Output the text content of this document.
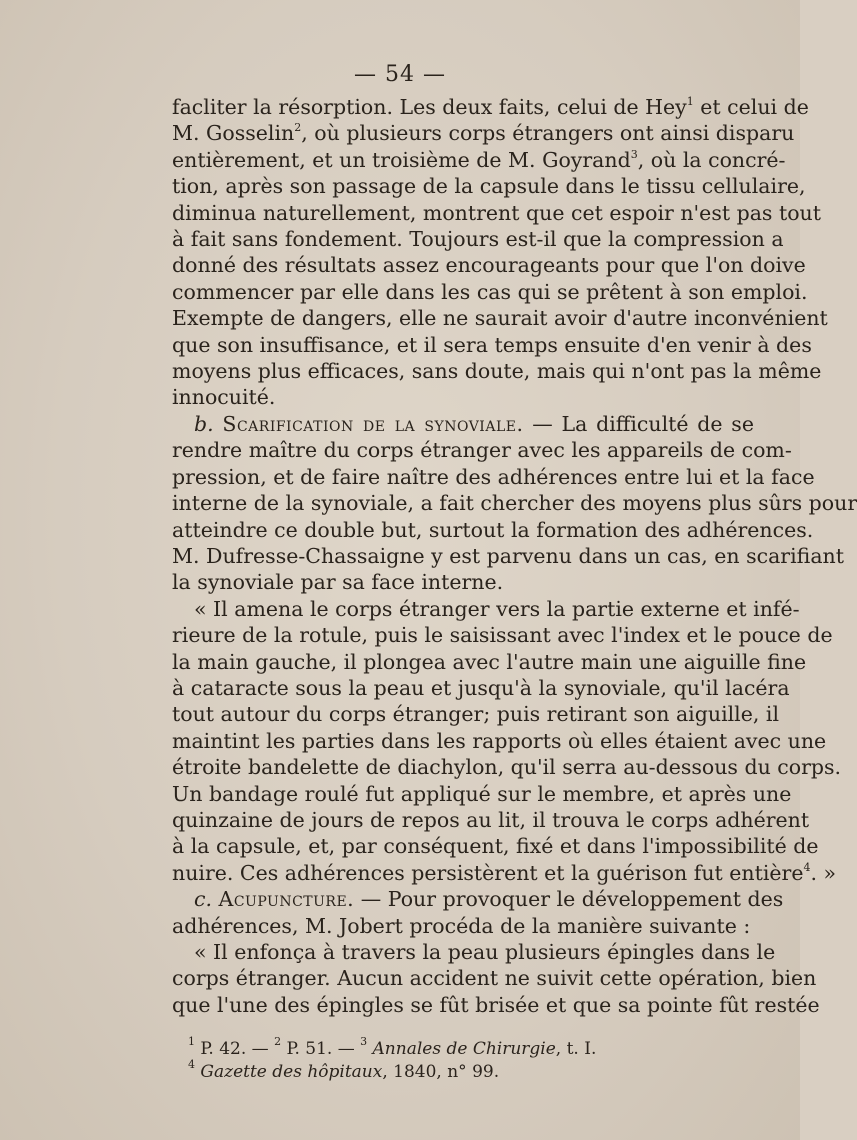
— 54 —
facliter la résorption. Les deux faits, celui de Hey$^1$ et celui de
M. Gosselin$^2$, où plusieurs corps étrangers ont ainsi disparu
entièrement, et un troisième de M. Goyrand$^3$, où la concré-
tion, après son passage de la capsule dans le tissu cellulaire,
diminua naturellement, montrent que cet espoir n'est pas tout
à fait sans fondement. Toujours est-il que la compression a
donné des résultats assez encourageants pour que l'on doive
commencer par elle dans les cas qui se prêtent à son emploi.
Exempte de dangers, elle ne saurait avoir d'autre inconvénient
que son insuffisance, et il sera temps ensuite d'en venir à des
moyens plus efficaces, sans doute, mais qui n'ont pas la même
innocuité.
b. Scarification de la synoviale. — La difficulté de se
rendre maître du corps étranger avec les appareils de com-
pression, et de faire naître des adhérences entre lui et la face
interne de la synoviale, a fait chercher des moyens plus sûrs pour
atteindre ce double but, surtout la formation des adhérences.
M. Dufresse-Chassaigne y est parvenu dans un cas, en scarifiant
la synoviale par sa face interne.
« Il amena le corps étranger vers la partie externe et infé-
rieure de la rotule, puis le saisissant avec l'index et le pouce de
la main gauche, il plongea avec l'autre main une aiguille fine
à cataracte sous la peau et jusqu'à la synoviale, qu'il lacéra
tout autour du corps étranger; puis retirant son aiguille, il
maintint les parties dans les rapports où elles étaient avec une
étroite bandelette de diachylon, qu'il serra au-dessous du corps.
Un bandage roulé fut appliqué sur le membre, et après une
quinzaine de jours de repos au lit, il trouva le corps adhérent
à la capsule, et, par conséquent, fixé et dans l'impossibilité de
nuire. Ces adhérences persistèrent et la guérison fut entière$^4$. »
c. Acupuncture. — Pour provoquer le développement des
adhérences, M. Jobert procéda de la manière suivante :
« Il enfonça à travers la peau plusieurs épingles dans le
corps étranger. Aucun accident ne suivit cette opération, bien
que l'une des épingles se fût brisée et que sa pointe fût restée
$^1$ P. 42. — $^2$ P. 51. — $^3$ Annales de Chirurgie, t. I.
$^4$ Gazette des hôpitaux, 1840, n° 99.
